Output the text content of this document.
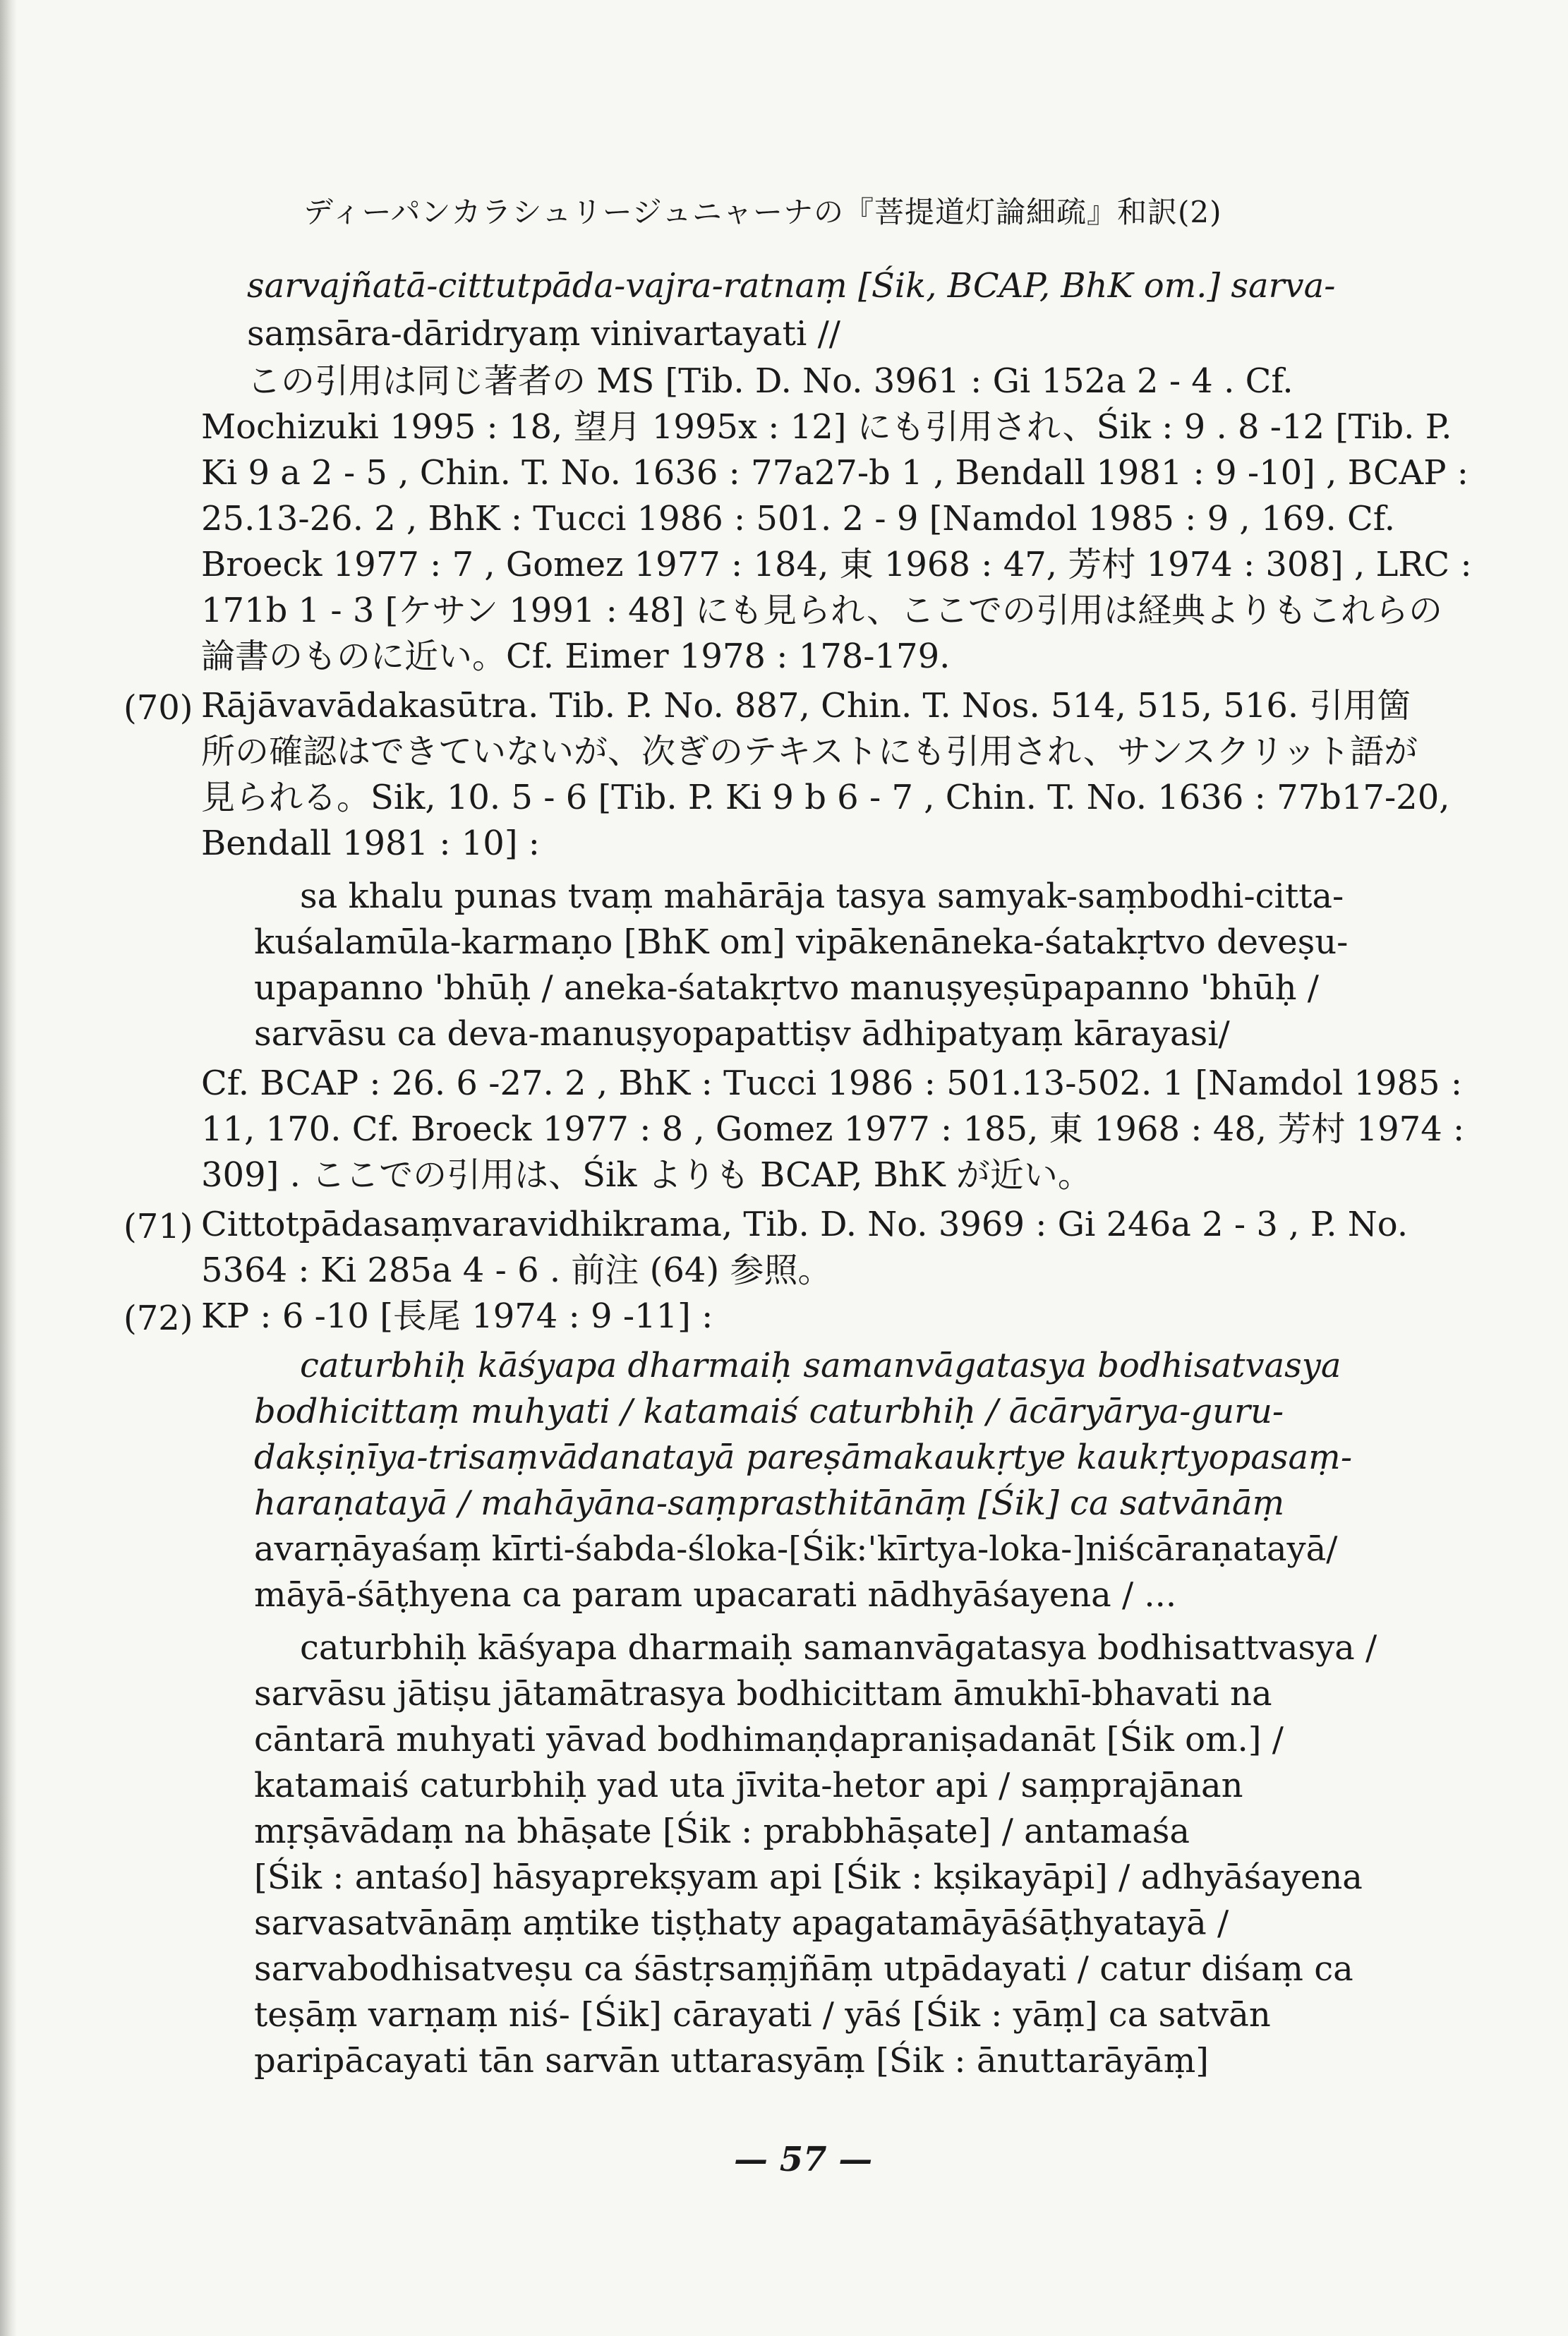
ディーパンカラシュリージュニャーナの『菩提道灯論細疏』和訳(2)
sarvajñatā-cittutpāda-vajra-ratnaṃ [Śik, BCAP, BhK om.] sarva-
saṃsāra-dāridryaṃ vinivartayati //
この引用は同じ著者の MS [Tib. D. No. 3961 : Gi 152a 2 - 4 . Cf.
Mochizuki 1995 : 18, 望月 1995x : 12] にも引用され、Śik : 9 . 8 -12 [Tib. P.
Ki 9 a 2 - 5 , Chin. T. No. 1636 : 77a27-b 1 , Bendall 1981 : 9 -10] , BCAP :
25.13-26. 2 , BhK : Tucci 1986 : 501. 2 - 9 [Namdol 1985 : 9 , 169. Cf.
Broeck 1977 : 7 , Gomez 1977 : 184, 東 1968 : 47, 芳村 1974 : 308] , LRC :
171b 1 - 3 [ケサン 1991 : 48] にも見られ、ここでの引用は経典よりもこれらの
論書のものに近い。Cf. Eimer 1978 : 178-179.
(70) Rājāvavādakasūtra. Tib. P. No. 887, Chin. T. Nos. 514, 515, 516. 引用箇
所の確認はできていないが、次ぎのテキストにも引用され、サンスクリット語が
見られる。Sik, 10. 5 - 6 [Tib. P. Ki 9 b 6 - 7 , Chin. T. No. 1636 : 77b17-20,
Bendall 1981 : 10] :
sa khalu punas tvaṃ mahārāja tasya samyak-saṃbodhi-citta-
kuśalamūla-karmaṇo [BhK om] vipākenāneka-śatakṛtvo deveṣu-
upapanno 'bhūḥ / aneka-śatakṛtvo manuṣyeṣūpapanno 'bhūḥ /
sarvāsu ca deva-manuṣyopapattiṣv ādhipatyaṃ kārayasi/
Cf. BCAP : 26. 6 -27. 2 , BhK : Tucci 1986 : 501.13-502. 1 [Namdol 1985 :
11, 170. Cf. Broeck 1977 : 8 , Gomez 1977 : 185, 東 1968 : 48, 芳村 1974 :
309] . ここでの引用は、Śik よりも BCAP, BhK が近い。
(71) Cittotpādasaṃvaravidhikrama, Tib. D. No. 3969 : Gi 246a 2 - 3 , P. No.
5364 : Ki 285a 4 - 6 . 前注 (64) 参照。
(72) KP : 6 -10 [長尾 1974 : 9 -11] :
caturbhiḥ kāśyapa dharmaiḥ samanvāgatasya bodhisatvasya
bodhicittaṃ muhyati / katamaiś caturbhiḥ / ācāryārya-guru-
dakṣiṇīya-trisaṃvādanatayā pareṣāmakaukṛtye kaukṛtyopasaṃ-
haraṇatayā / mahāyāna-saṃprasthitānāṃ [Śik] ca satvānāṃ
avarṇāyaśaṃ kīrti-śabda-śloka-[Śik:'kīrtya-loka-]niścāraṇatayā/
māyā-śāṭhyena ca param upacarati nādhyāśayena / ...
caturbhiḥ kāśyapa dharmaiḥ samanvāgatasya bodhisattvasya /
sarvāsu jātiṣu jātamātrasya bodhicittam āmukhī-bhavati na
cāntarā muhyati yāvad bodhimaṇḍapraniṣadanāt [Śik om.] /
katamaiś caturbhiḥ yad uta jīvita-hetor api / saṃprajānan
mṛṣāvādaṃ na bhāṣate [Śik : prabbhāṣate] / antamaśa
[Śik : antaśo] hāsyaprekṣyam api [Śik : kṣikayāpi] / adhyāśayena
sarvasatvānāṃ aṃtike tiṣṭhaty apagatamāyāśāṭhyatayā /
sarvabodhisatveṣu ca śāstṛsaṃjñāṃ utpādayati / catur diśaṃ ca
teṣāṃ varṇaṃ niś- [Śik] cārayati / yāś [Śik : yāṃ] ca satvān
paripācayati tān sarvān uttarasyāṃ [Śik : ānuttarāyāṃ]
— 57 —
